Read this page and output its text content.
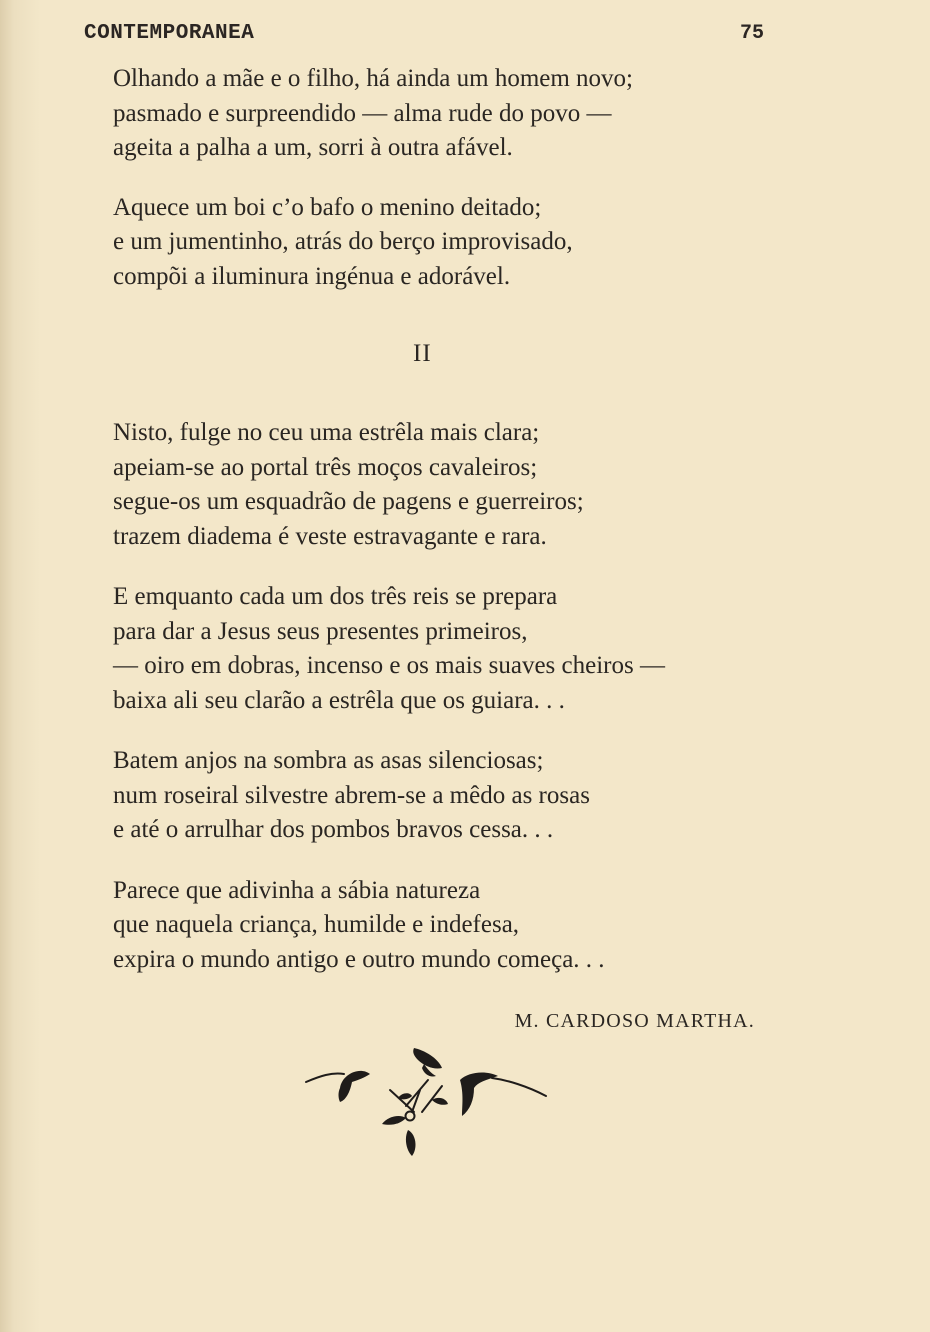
CONTEMPORANEA	75
Olhando a mãe e o filho, há ainda um homem novo;
pasmado e surpreendido — alma rude do povo —
ageita a palha a um, sorri à outra afável.
Aquece um boi c’o bafo o menino deitado;
e um jumentinho, atrás do berço improvisado,
compõi a iluminura ingénua e adorável.
Nisto, fulge no ceu uma estrêla mais clara;
apeiam-se ao portal três moços cavaleiros;
segue-os um esquadrão de pagens e guerreiros;
trazem diadema é veste estravagante e rara.
E emquanto cada um dos três reis se prepara
para dar a Jesus seus presentes primeiros,
— oiro em dobras, incenso e os mais suaves cheiros —
baixa ali seu clarão a estrêla que os guiara. . .
Batem anjos na sombra as asas silenciosas;
num roseiral silvestre abrem-se a mêdo as rosas
e até o arrulhar dos pombos bravos cessa. . .
Parece que adivinha a sábia natureza
que naquela criança, humilde e indefesa,
expira o mundo antigo e outro mundo começa. . .
II
M. CARDOSO MARTHA.
